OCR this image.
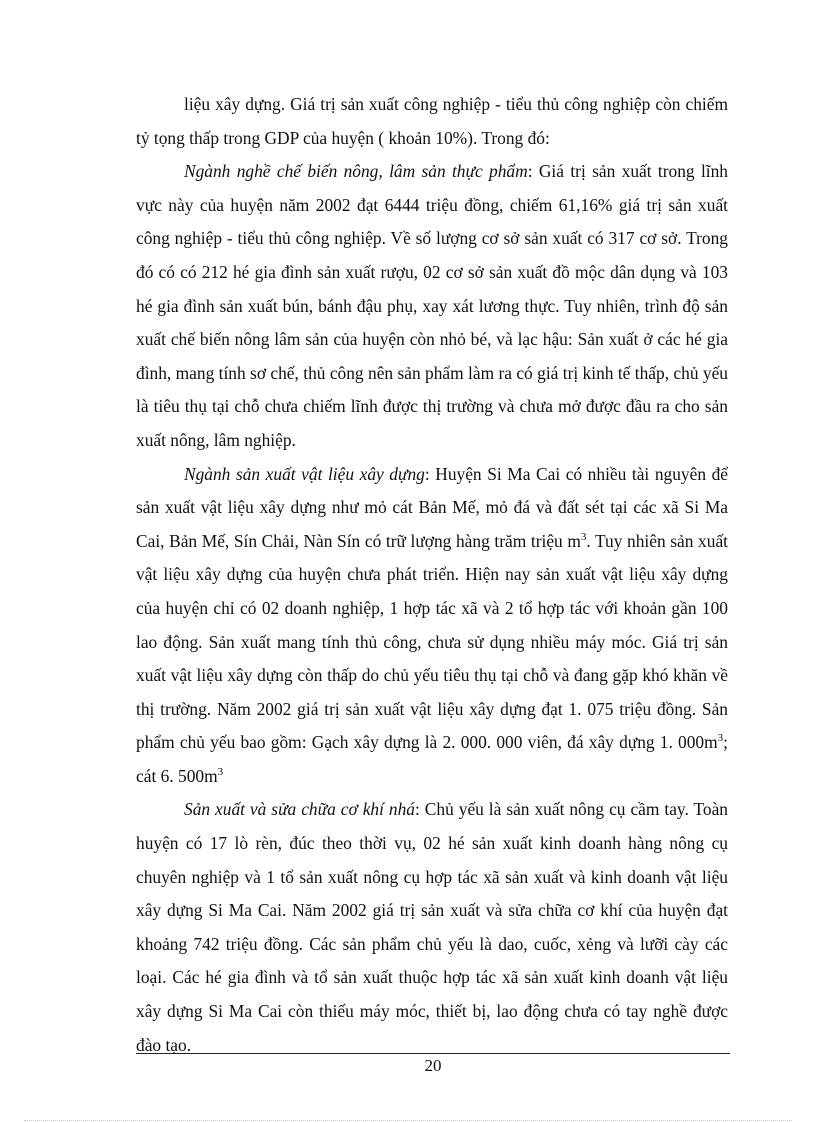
liệu xây dựng. Giá trị sản xuất công nghiệp - tiểu thủ công nghiệp còn chiếm tỷ tọng thấp trong GDP của huyện ( khoản 10%). Trong đó:

Ngành nghề chế biến nông, lâm sản thực phẩm: Giá trị sản xuất trong lĩnh vực này của huyện năm 2002 đạt 6444 triệu đồng, chiếm 61,16% giá trị sản xuất công nghiệp - tiểu thủ công nghiệp. Về số lượng cơ sở sản xuất có 317 cơ sở. Trong đó có có 212 hé gia đình sản xuất rượu, 02 cơ sở sản xuất đồ mộc dân dụng và 103 hé gia đình sản xuất bún, bánh đậu phụ, xay xát lương thực. Tuy nhiên, trình độ sản xuất chế biến nông lâm sản của huyện còn nhỏ bé, và lạc hậu: Sản xuất ở các hé gia đình, mang tính sơ chế, thủ công nên sản phẩm làm ra có giá trị kinh tế thấp, chủ yếu là tiêu thụ tại chỗ chưa chiếm lĩnh được thị trường và chưa mở được đầu ra cho sản xuất nông, lâm nghiệp.

Ngành sản xuất vật liệu xây dựng: Huyện Si Ma Cai có nhiều tài nguyên để sản xuất vật liệu xây dựng như mỏ cát Bản Mế, mỏ đá và đất sét tại các xã Si Ma Cai, Bản Mế, Sín Chải, Nàn Sín có trữ lượng hàng trăm triệu $m^3$. Tuy nhiên sản xuất vật liệu xây dựng của huyện chưa phát triển. Hiện nay sản xuất vật liệu xây dựng của huyện chỉ có 02 doanh nghiệp, 1 hợp tác xã và 2 tổ hợp tác với khoản gần 100 lao động. Sản xuất mang tính thủ công, chưa sử dụng nhiều máy móc. Giá trị sản xuất vật liệu xây dựng còn thấp do chủ yếu tiêu thụ tại chỗ và đang gặp khó khăn về thị trường. Năm 2002 giá trị sản xuất vật liệu xây dựng đạt 1. 075 triệu đồng. Sản phẩm chủ yếu bao gồm: Gạch xây dựng là 2. 000. 000 viên, đá xây dựng 1. $000m^3$; cát 6. $500m^3$

Sản xuất và sửa chữa cơ khí nhá: Chủ yếu là sản xuất nông cụ cầm tay. Toàn huyện có 17 lò rèn, đúc theo thời vụ, 02 hé sản xuất kinh doanh hàng nông cụ chuyên nghiệp và 1 tổ sản xuất nông cụ hợp tác xã sản xuất và kinh doanh vật liệu xây dựng Si Ma Cai. Năm 2002 giá trị sản xuất và sửa chữa cơ khí của huyện đạt khoảng 742 triệu đồng. Các sản phẩm chủ yếu là dao, cuốc, xẻng và lưỡi cày các loại. Các hé gia đình và tổ sản xuất thuộc hợp tác xã sản xuất kinh doanh vật liệu xây dựng Si Ma Cai còn thiếu máy móc, thiết bị, lao động chưa có tay nghề được đào tạo.

20
